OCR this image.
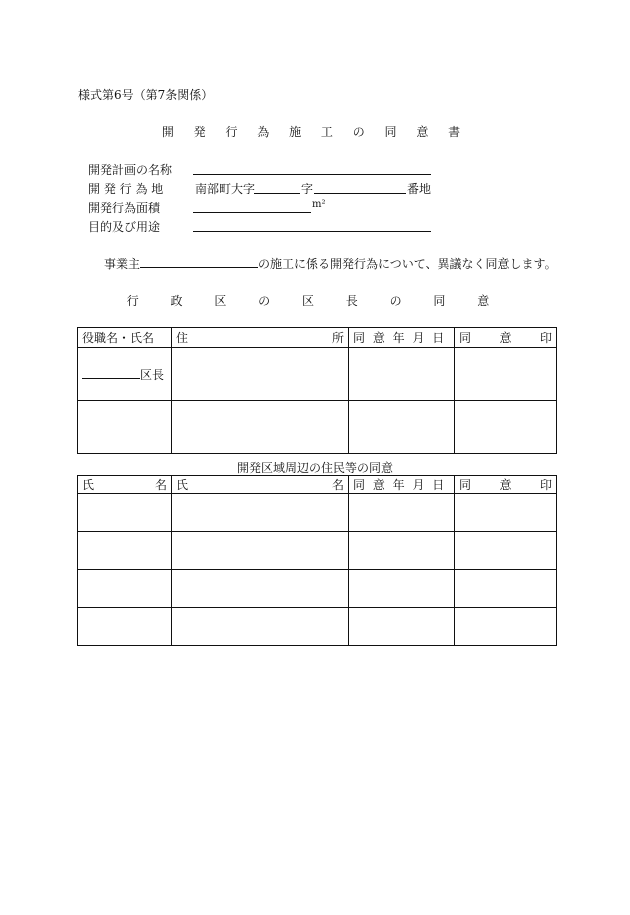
様式第6号（第7条関係）
開 発 行 為 施 工 の 同 意 書
開発計画の名称
開 発 行 為 地	南部町大字	字	番地
開発行為面積	m²
目的及び用途
事業主	の施工に係る開発行為について、異議なく同意します。
行 政 区 の 区 長 の 同 意
役職名・氏名	住 所	同 意 年 月 日	同 意 印

区長			

開発区域周辺の住民等の同意
氏 名	氏 名	同 意 年 月 日	同 意 印
